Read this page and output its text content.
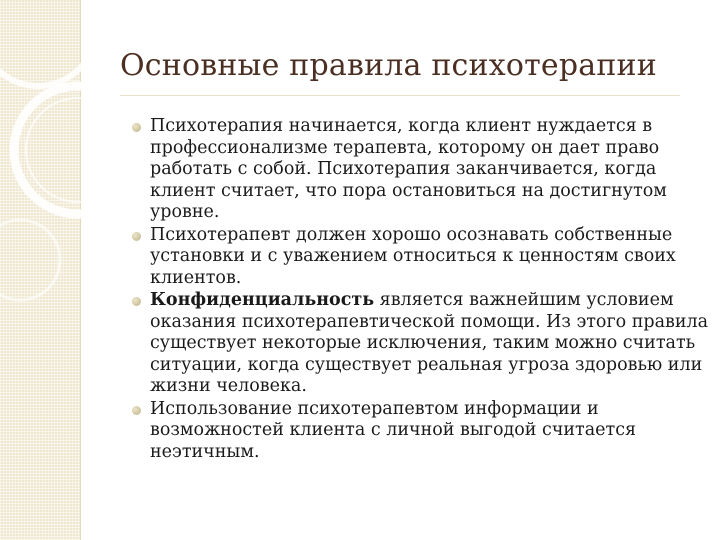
Основные правила психотерапии
Психотерапия начинается, когда клиент нуждается в профессионализме терапевта, которому он дает право работать с собой. Психотерапия заканчивается, когда клиент считает, что пора остановиться на достигнутом уровне.
Психотерапевт должен хорошо осознавать собственные установки и с уважением относиться к ценностям своих клиентов.
Конфиденциальность является важнейшим условием оказания психотерапевтической помощи. Из этого правила существует некоторые исключения, таким можно считать ситуации, когда существует реальная угроза здоровью или жизни человека.
Использование психотерапевтом информации и возможностей клиента с личной выгодой считается неэтичным.
